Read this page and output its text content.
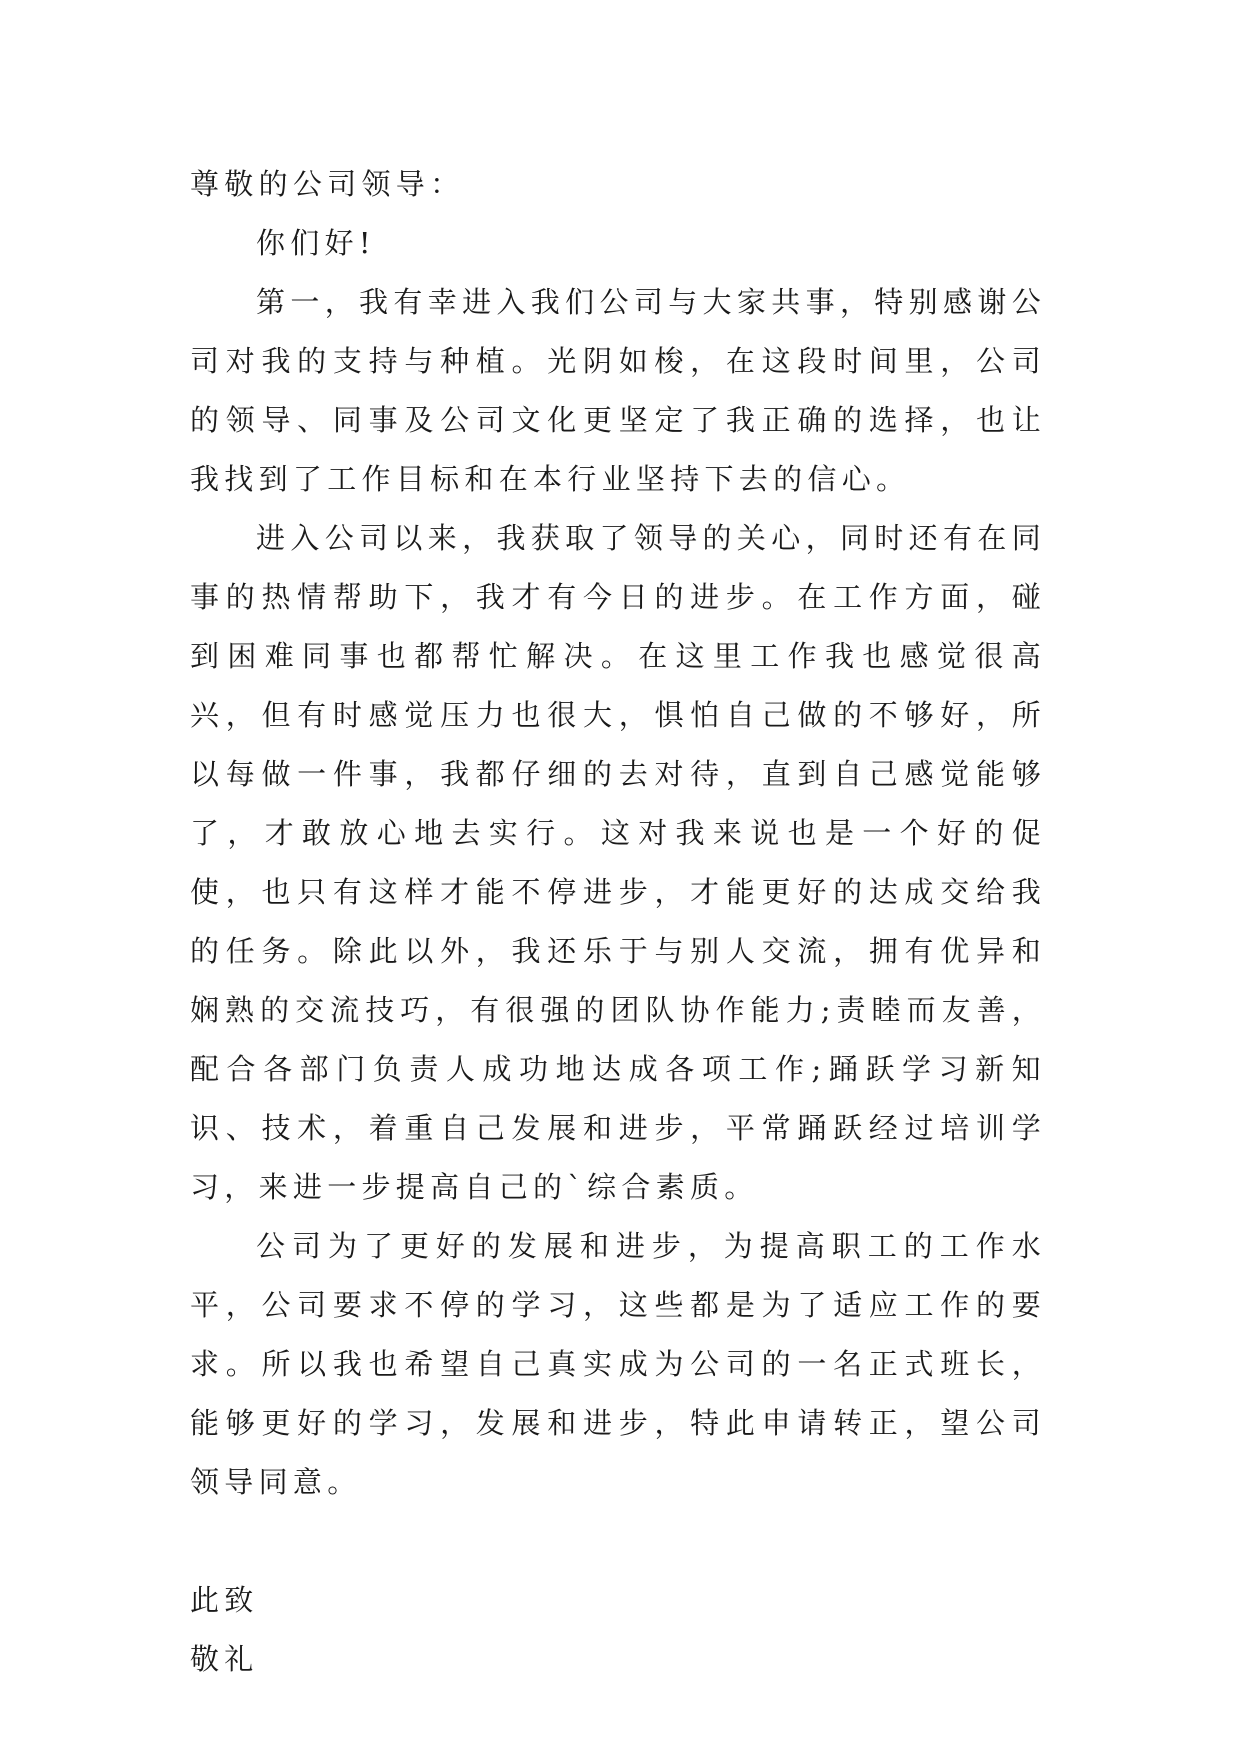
尊敬的公司领导：

你们好!

第一，我有幸进入我们公司与大家共事，特别感谢公司对我的支持与种植。光阴如梭，在这段时间里，公司的领导、同事及公司文化更坚定了我正确的选择，也让我找到了工作目标和在本行业坚持下去的信心。

进入公司以来，我获取了领导的关心，同时还有在同事的热情帮助下，我才有今日的进步。在工作方面，碰到困难同事也都帮忙解决。在这里工作我也感觉很高兴，但有时感觉压力也很大，惧怕自己做的不够好，所以每做一件事，我都仔细的去对待，直到自己感觉能够了，才敢放心地去实行。这对我来说也是一个好的促使，也只有这样才能不停进步，才能更好的达成交给我的任务。除此以外，我还乐于与别人交流，拥有优异和娴熟的交流技巧，有很强的团队协作能力;责睦而友善，配合各部门负责人成功地达成各项工作;踊跃学习新知识、技术，着重自己发展和进步，平常踊跃经过培训学习，来进一步提高自己的`综合素质。

公司为了更好的发展和进步，为提高职工的工作水平，公司要求不停的学习，这些都是为了适应工作的要求。所以我也希望自己真实成为公司的一名正式班长，能够更好的学习，发展和进步，特此申请转正，望公司领导同意。

此致

敬礼
